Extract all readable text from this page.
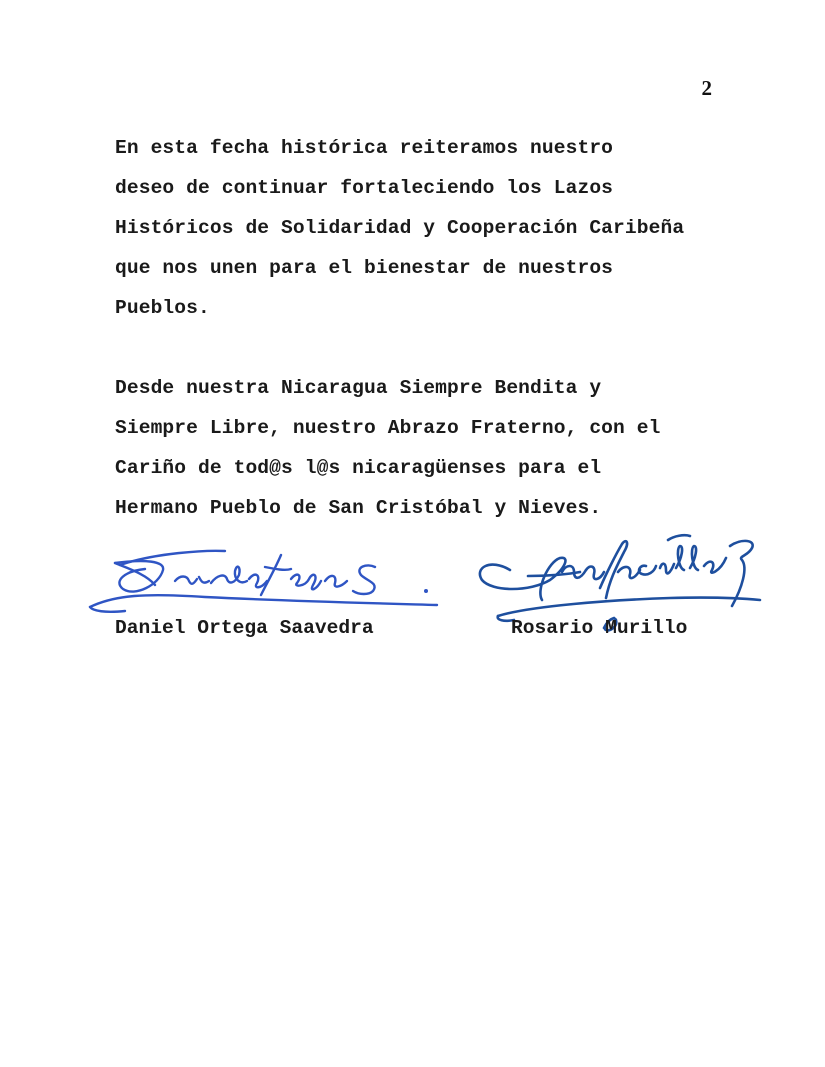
2
En esta fecha histórica reiteramos nuestro
deseo de continuar fortaleciendo los Lazos
Históricos de Solidaridad y Cooperación Caribeña
que nos unen para el bienestar de nuestros
Pueblos.
Desde nuestra Nicaragua Siempre Bendita y
Siempre Libre, nuestro Abrazo Fraterno, con el
Cariño de tod@s l@s nicaragüenses para el
Hermano Pueblo de San Cristóbal y Nieves.
Daniel Ortega Saavedra	Rosario Murillo
